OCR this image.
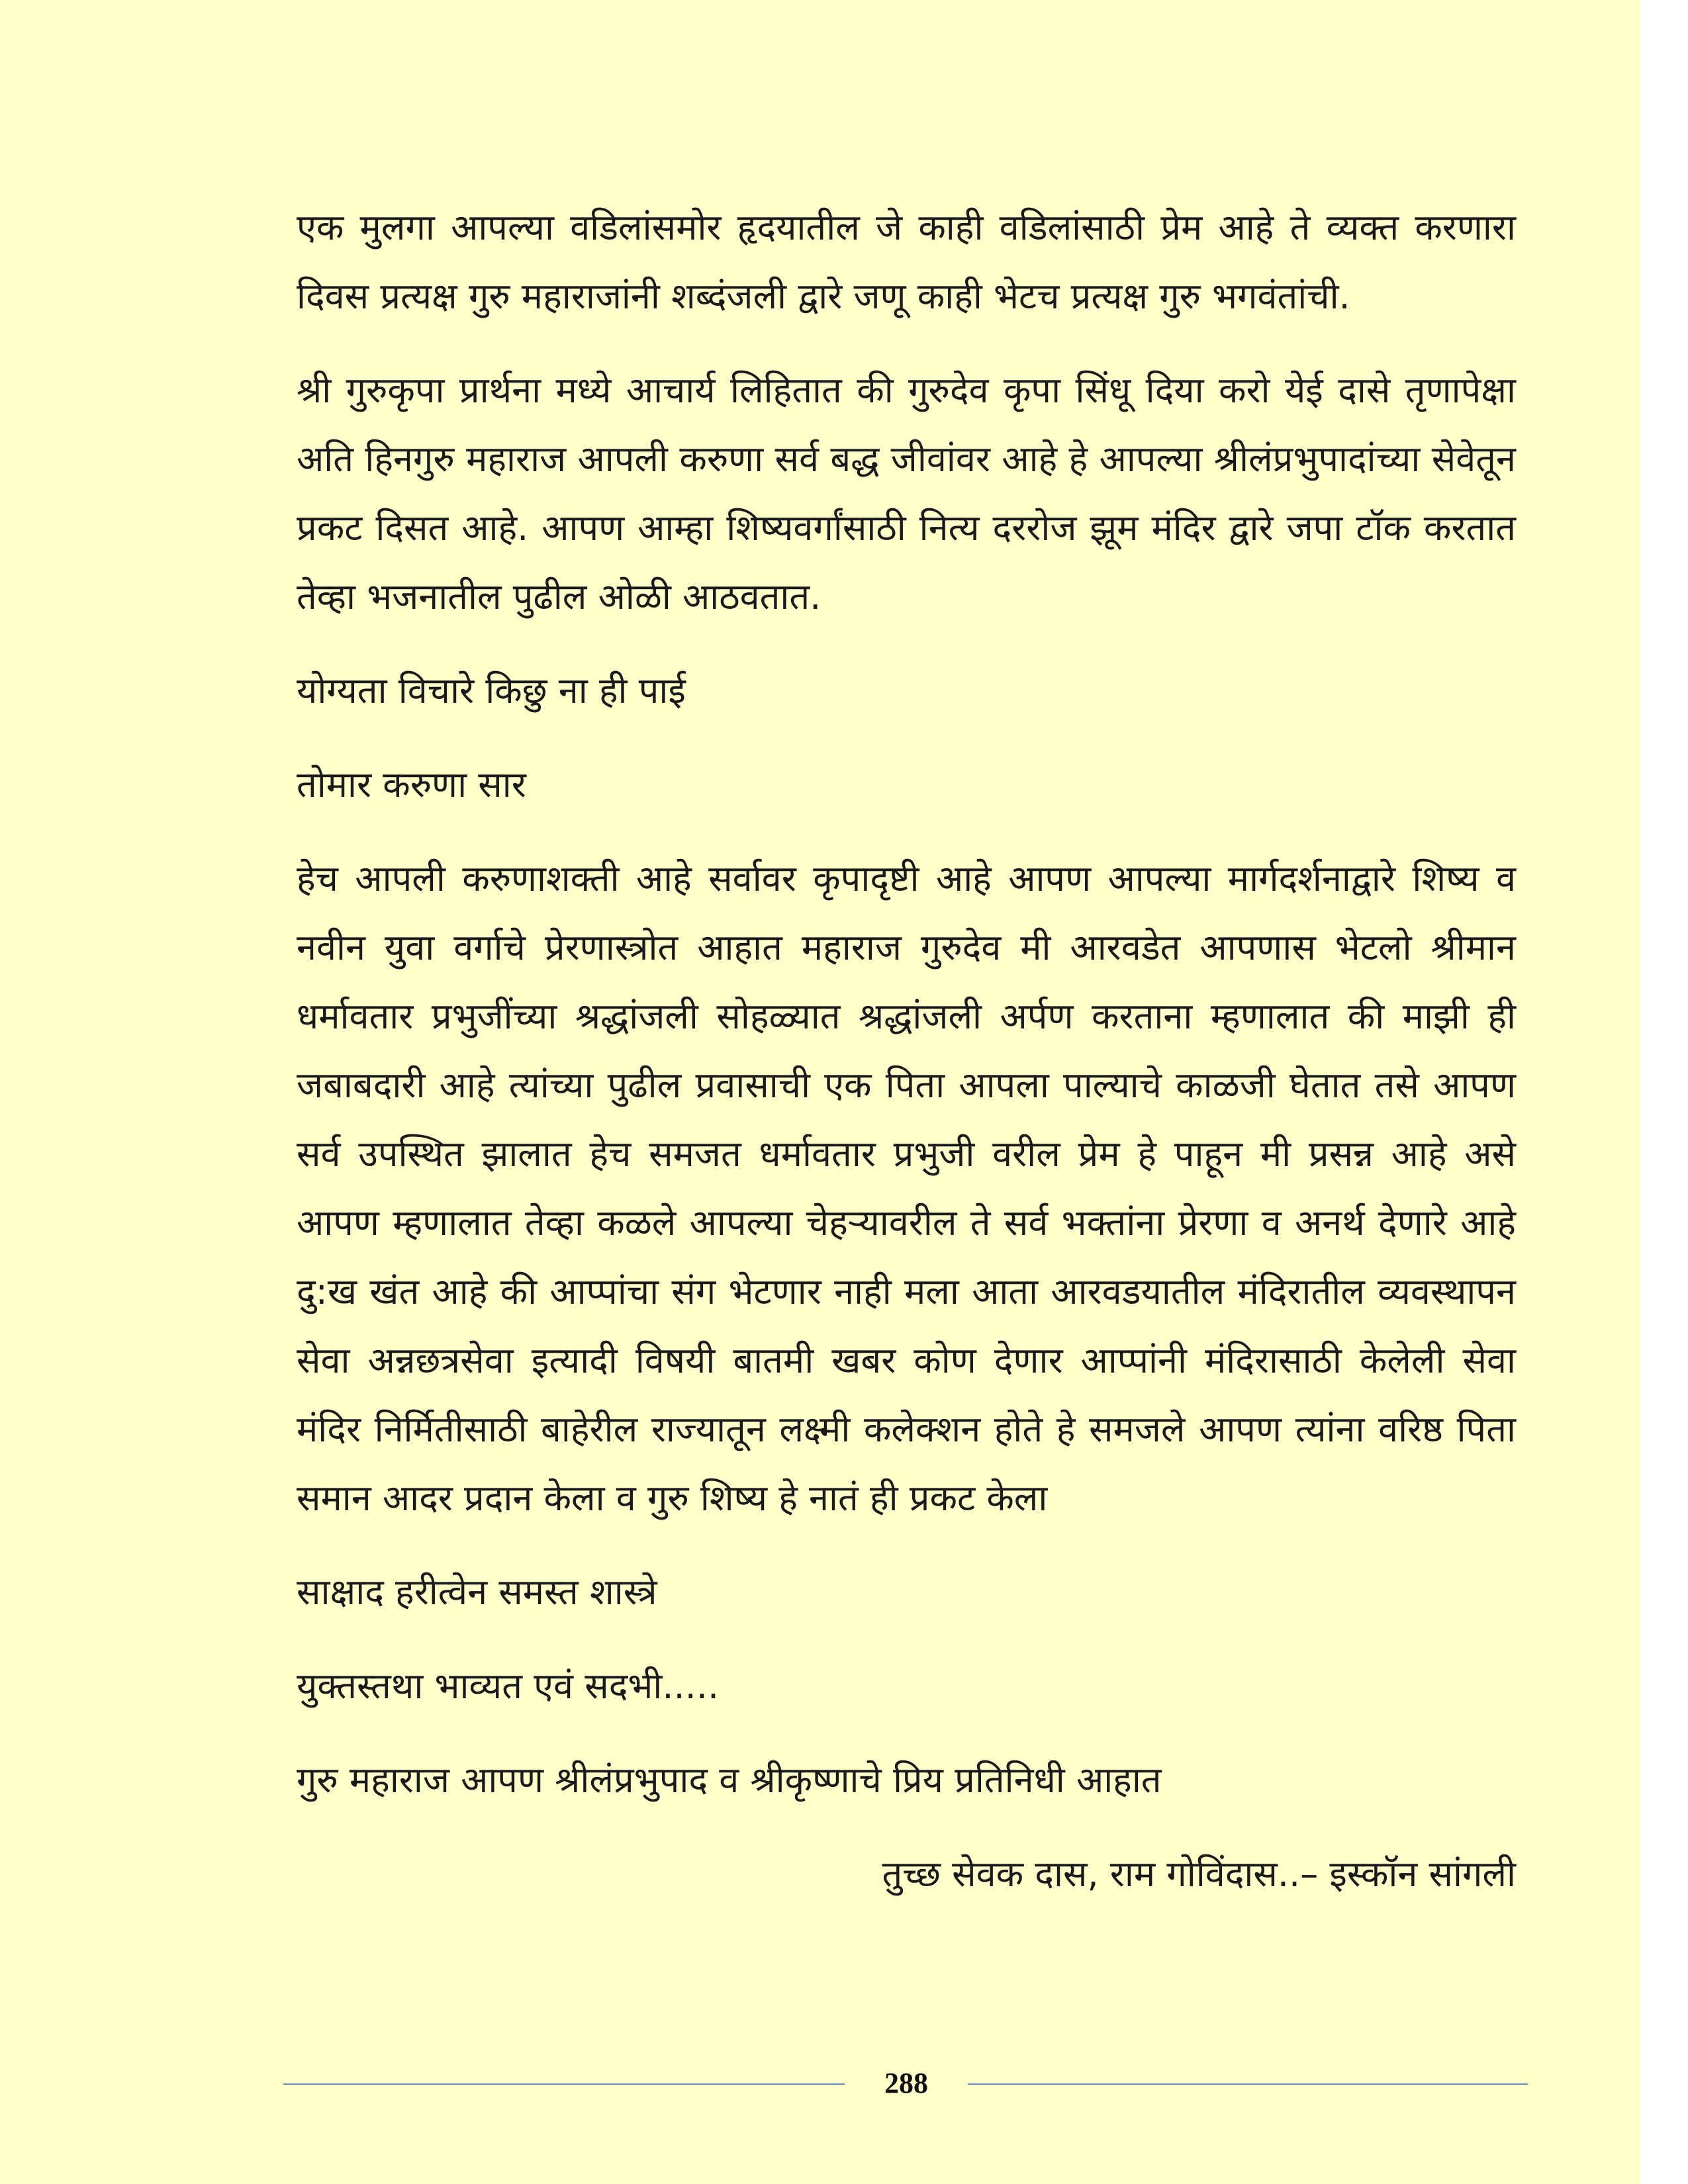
एक मुलगा आपल्या वडिलांसमोर हृदयातील जे काही वडिलांसाठी प्रेम आहे ते व्यक्त करणारा दिवस प्रत्यक्ष गुरु महाराजांनी शब्दंजली द्वारे जणू काही भेटच प्रत्यक्ष गुरु भगवंतांची.

श्री गुरुकृपा प्रार्थना मध्ये आचार्य लिहितात की गुरुदेव कृपा सिंधू दिया करो येई दासे तृणापेक्षा अति हिनगुरु महाराज आपली करुणा सर्व बद्ध जीवांवर आहे हे आपल्या श्रीलंप्रभुपादांच्या सेवेतून प्रकट दिसत आहे. आपण आम्हा शिष्यवर्गांसाठी नित्य दररोज झूम मंदिर द्वारे जपा टॉक करतात तेव्हा भजनातील पुढील ओळी आठवतात.

योग्यता विचारे किछु ना ही पाई

तोमार करुणा सार

हेच आपली करुणाशक्ती आहे सर्वावर कृपादृष्टी आहे आपण आपल्या मार्गदर्शनाद्वारे शिष्य व नवीन युवा वर्गाचे प्रेरणास्त्रोत आहात महाराज गुरुदेव मी आरवडेत आपणास भेटलो श्रीमान धर्मावतार प्रभुजींच्या श्रद्धांजली सोहळ्यात श्रद्धांजली अर्पण करताना म्हणालात की माझी ही जबाबदारी आहे त्यांच्या पुढील प्रवासाची एक पिता आपला पाल्याचे काळजी घेतात तसे आपण सर्व उपस्थित झालात हेच समजत धर्मावतार प्रभुजी वरील प्रेम हे पाहून मी प्रसन्न आहे असे आपण म्हणालात तेव्हा कळले आपल्या चेहऱ्यावरील ते सर्व भक्तांना प्रेरणा व अनर्थ देणारे आहे दु:ख खंत आहे की आप्पांचा संग भेटणार नाही मला आता आरवडयातील मंदिरातील व्यवस्थापन सेवा अन्नछत्रसेवा इत्यादी विषयी बातमी खबर कोण देणार आप्पांनी मंदिरासाठी केलेली सेवा मंदिर निर्मितीसाठी बाहेरील राज्यातून लक्ष्मी कलेक्शन होते हे समजले आपण त्यांना वरिष्ठ पिता समान आदर प्रदान केला व गुरु शिष्य हे नातं ही प्रकट केला

साक्षाद हरीत्वेन समस्त शास्त्रे

युक्तस्तथा भाव्यत एवं सदभी.....

गुरु महाराज आपण श्रीलंप्रभुपाद व श्रीकृष्णाचे प्रिय प्रतिनिधी आहात

तुच्छ सेवक दास, राम गोविंदास..– इस्कॉन सांगली

288
